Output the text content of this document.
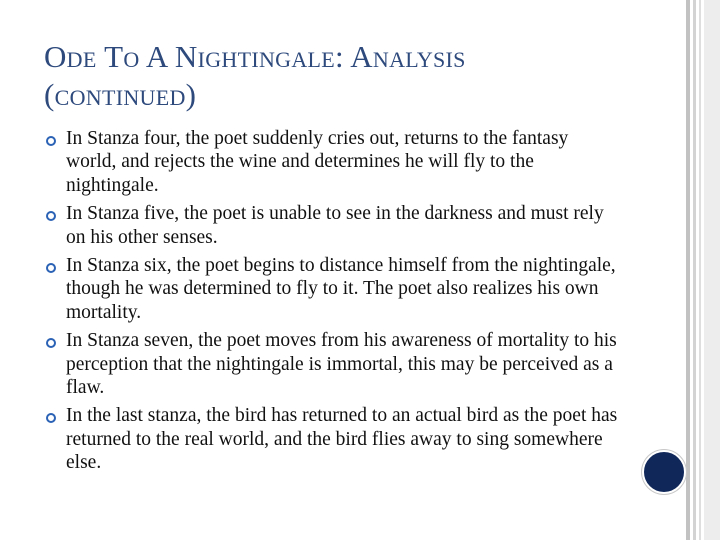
Ode To A Nightingale: Analysis
(continued)
In Stanza four, the poet suddenly cries out, returns to the fantasy world, and rejects the wine and determines he will fly to the nightingale.
In Stanza five, the poet is unable to see in the darkness and must rely on his other senses.
In Stanza six, the poet begins to distance himself from the nightingale, though he was determined to fly to it. The poet also realizes his own mortality.
In Stanza seven, the poet moves from his awareness of mortality to his perception that the nightingale is immortal, this may be perceived as a flaw.
In the last stanza, the bird has returned to an actual bird as the poet has returned to the real world, and the bird flies away to sing somewhere else.
